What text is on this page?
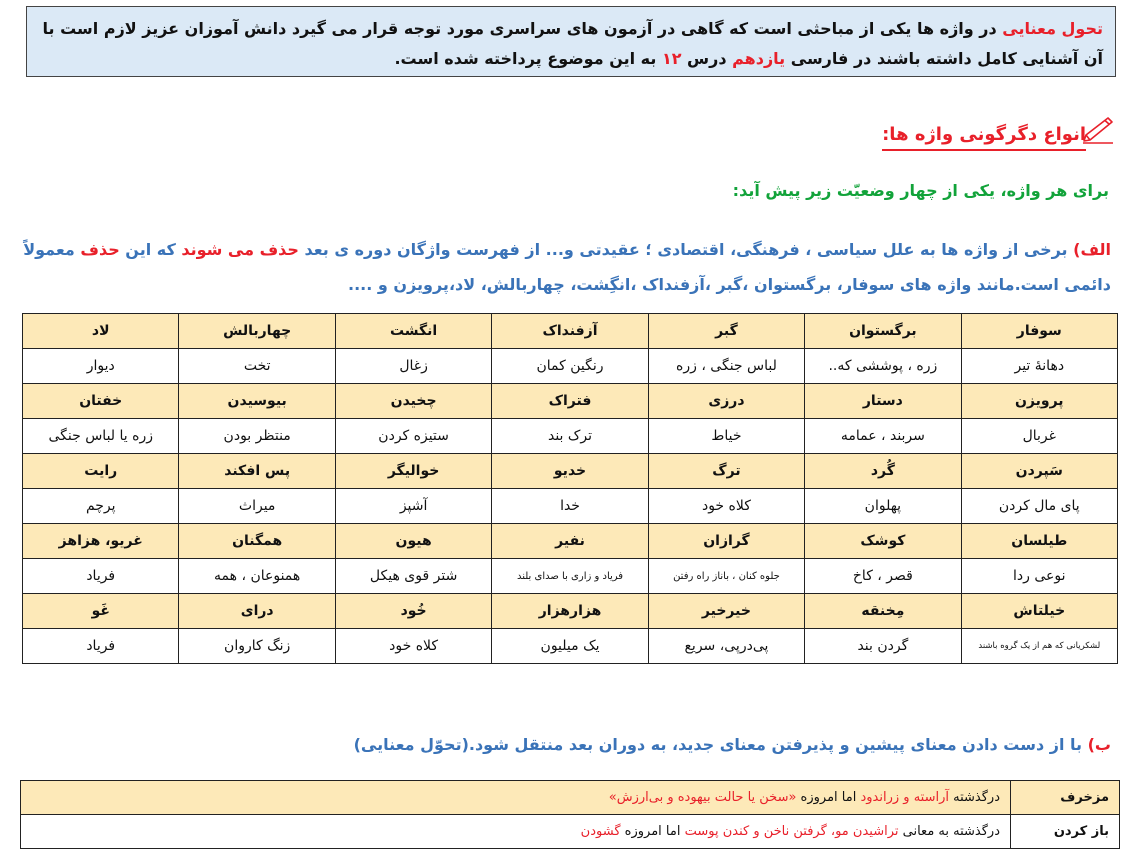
تحول معنایی در واژه ها یکی از مباحثی است که گاهی در آزمون های سراسری مورد توجه قرار می گیرد دانش آموزان عزیز لازم است با آن آشنایی کامل داشته باشند در فارسی یازدهم درس ۱۲ به این موضوع پرداخته شده است.
انواع دگرگونی واژه ها:
برای هر واژه، یکی از چهار وضعیّت زیر پیش آید:
الف) برخی از واژه ها به علل سیاسی ، فرهنگی، اقتصادی ؛ عقیدتی و... از فهرست واژگان دوره ی بعد حذف می شوند که این حذف معمولاً دائمی است.مانند واژه های سوفار، برگستوان ،گبر ،آزفنداک ،انگِشت، چهاربالش، لاد،پرویزن و ....
سوفار	برگستوان	گبر	آزفنداک	انگشت	چهاربالش	لاد
دهانهٔ تیر	زره ، پوششی که..	لباس جنگی ، زره	رنگین کمان	زغال	تخت	دیوار
پرویزن	دستار	درزی	فتراک	چخیدن	بیوسیدن	خفتان
غربال	سربند ، عمامه	خیاط	ترک بند	ستیزه کردن	منتظر بودن	زره یا لباس جنگی
سَپردن	گُرد	ترگ	خدیو	خوالیگر	پس افکند	رایت
پای مال کردن	پهلوان	کلاه خود	خدا	آشپز	میراث	پرچم
طیلسان	کوشک	گرازان	نفیر	هیون	همگنان	غریو، هزاهز
نوعی ردا	قصر ، کاخ	جلوه کنان ، باناز راه رفتن	فریاد و زاری با صدای بلند	شتر قوی هیکل	همنوعان ، همه	فریاد
خیلتاش	مِخنقه	خیرخیر	هزارهزار	خُود	درای	غَو
لشکریانی که هم از یک گروه باشند	گردن بند	پی‌درپی، سریع	یک میلیون	کلاه خود	زنگ کاروان	فریاد
ب) با از دست دادن معنای پیشین و پذیرفتن معنای جدید، به دوران بعد منتقل شود.(تحوّل معنایی)
مزخرف	درگذشته آراسته و زراندود اما امروزه «سخن یا حالت بیهوده و بی‌ارزش»
باز کردن	درگذشته به معانی تراشیدن مو، گرفتن ناخن و کندن پوست اما امروزه گشودن
